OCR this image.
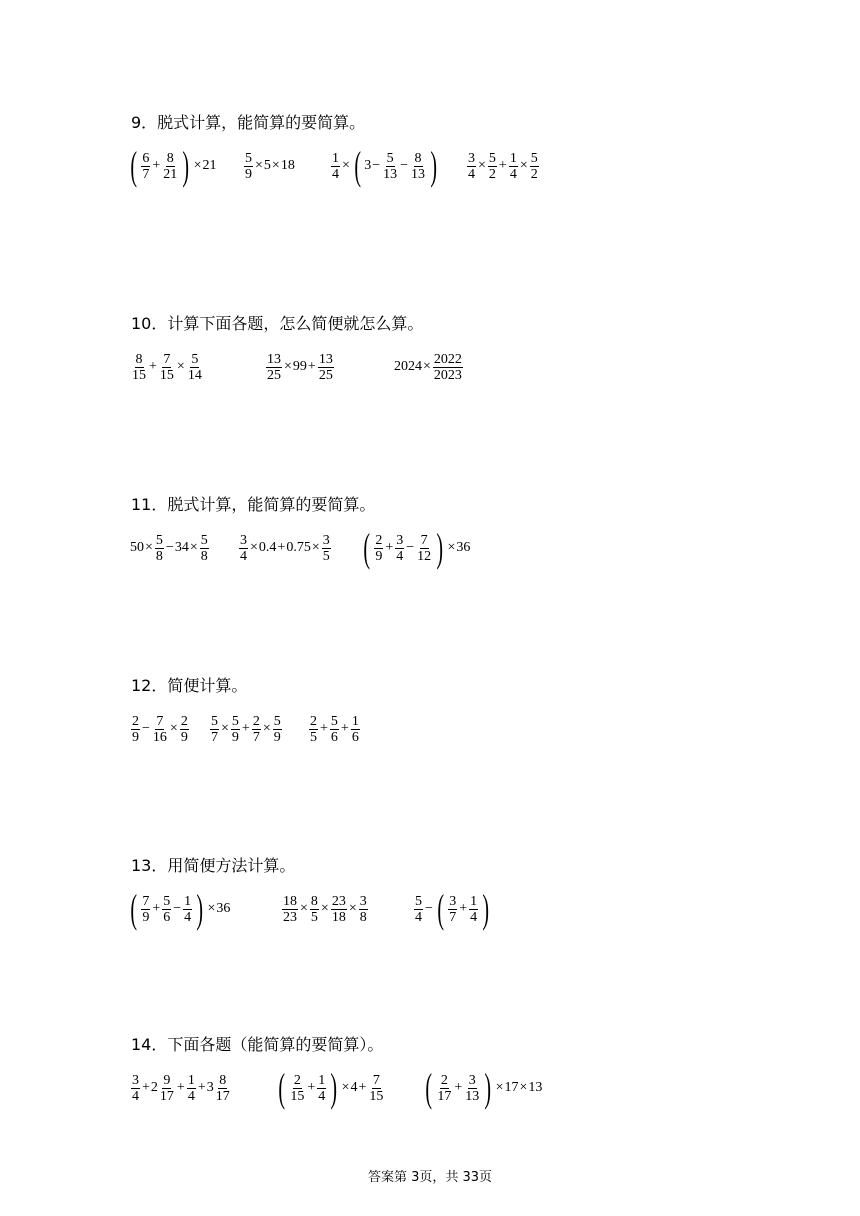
9．脱式计算，能简算的要简算。
( $\frac{6}{7} + \frac{8}{21}$ ) × $21 \frac{5}{9} \times 5 \times 18$	$\frac{1}{4}$ × ( $3 - \frac{5}{13} - \frac{8}{13}$ ) $\frac{3}{4} \times \frac{5}{2} + \frac{1}{4} \times \frac{5}{2}$
10．计算下面各题，怎么简便就怎么算。
$\frac{8}{15} + \frac{7}{15} \times \frac{5}{14}$	$\frac{13}{25} \times 99 + \frac{13}{25}$	$2024 \times \frac{2022}{2023}$
11．脱式计算，能简算的要简算。
$50 \times \frac{5}{8} - 34 \times \frac{5}{8} \frac{3}{4} \times 0.4 + 0.75 \times \frac{3}{5}$ ( $\frac{2}{9} + \frac{3}{4} - \frac{7}{12}$ ) × 36
12．简便计算。
$\frac{2}{9} - \frac{7}{16} \times \frac{2}{9} \frac{5}{7} \times \frac{5}{9} + \frac{2}{7} \times \frac{5}{9} \frac{2}{5} + \frac{5}{6} + \frac{1}{6}$
13．用简便方法计算。
( $\frac{7}{9} + \frac{5}{6} - \frac{1}{4}$ ) × 36	$\frac{18}{23} \times \frac{8}{5} \times \frac{23}{18} \times \frac{3}{8}$	$\frac{5}{4}$ − ( $\frac{3}{7} + \frac{1}{4}$ )
14．下面各题（能简算的要简算）。
$\frac{3}{4} + 2 \frac{9}{17} + \frac{1}{4} + 3 \frac{8}{17}$ ( $\frac{2}{15} + \frac{1}{4}$ ) × $4 + \frac{7}{15}$ ( $\frac{2}{17} + \frac{3}{13}$ ) × 17 × 13
答案第 3页，共 33页
